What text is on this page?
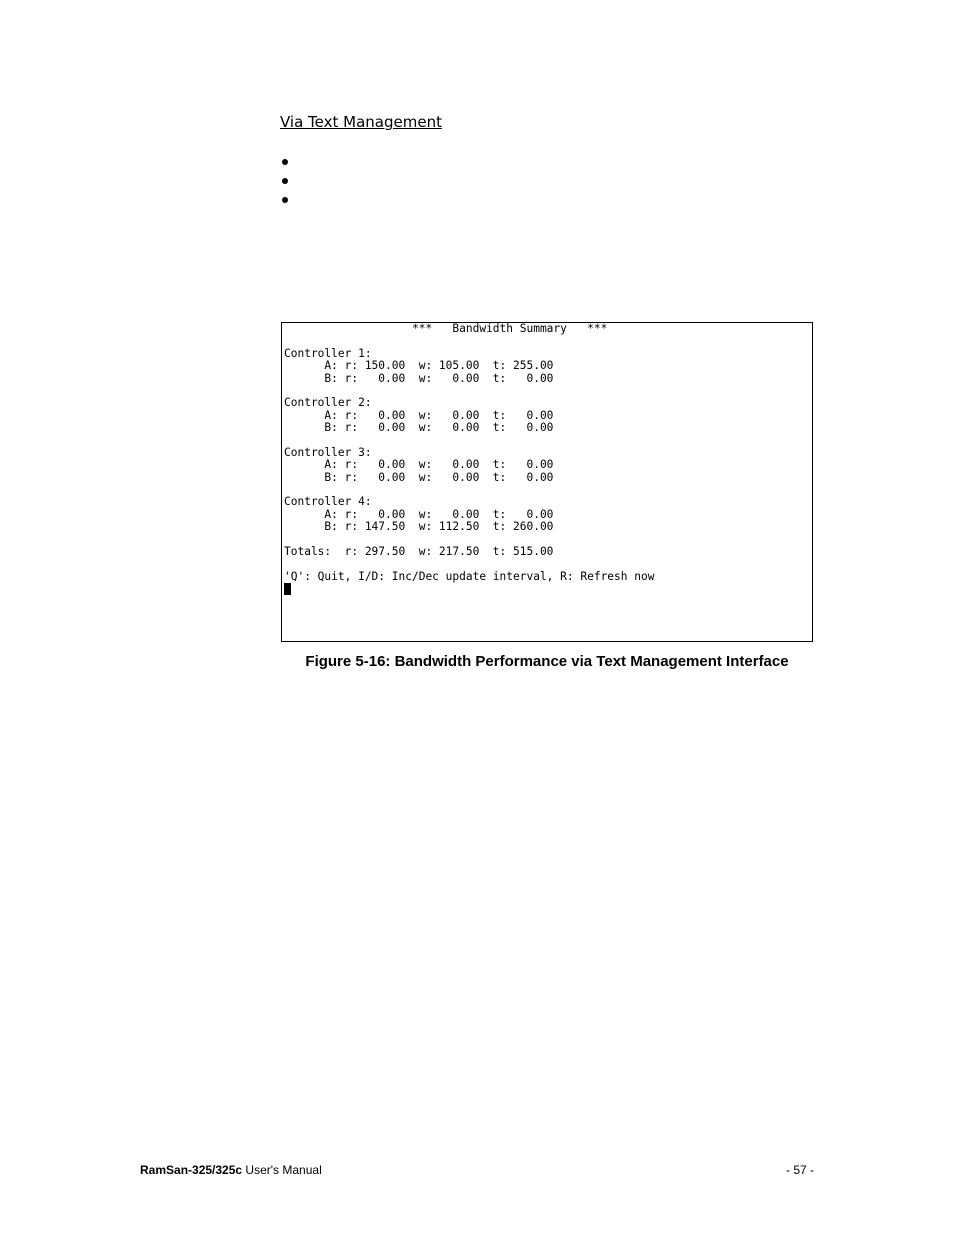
Via Text Management
***   Bandwidth Summary   ***
Controller 1:
A: r: 150.00  w: 105.00  t: 255.00
B: r:   0.00  w:   0.00  t:   0.00
Controller 2:
A: r:   0.00  w:   0.00  t:   0.00
B: r:   0.00  w:   0.00  t:   0.00
Controller 3:
A: r:   0.00  w:   0.00  t:   0.00
B: r:   0.00  w:   0.00  t:   0.00
Controller 4:
A: r:   0.00  w:   0.00  t:   0.00
B: r: 147.50  w: 112.50  t: 260.00
Totals:  r: 297.50  w: 217.50  t: 515.00
'Q': Quit, I/D: Inc/Dec update interval, R: Refresh now

Figure 5-16: Bandwidth Performance via Text Management Interface

RamSan-325/325c User's Manual	- 57 -
